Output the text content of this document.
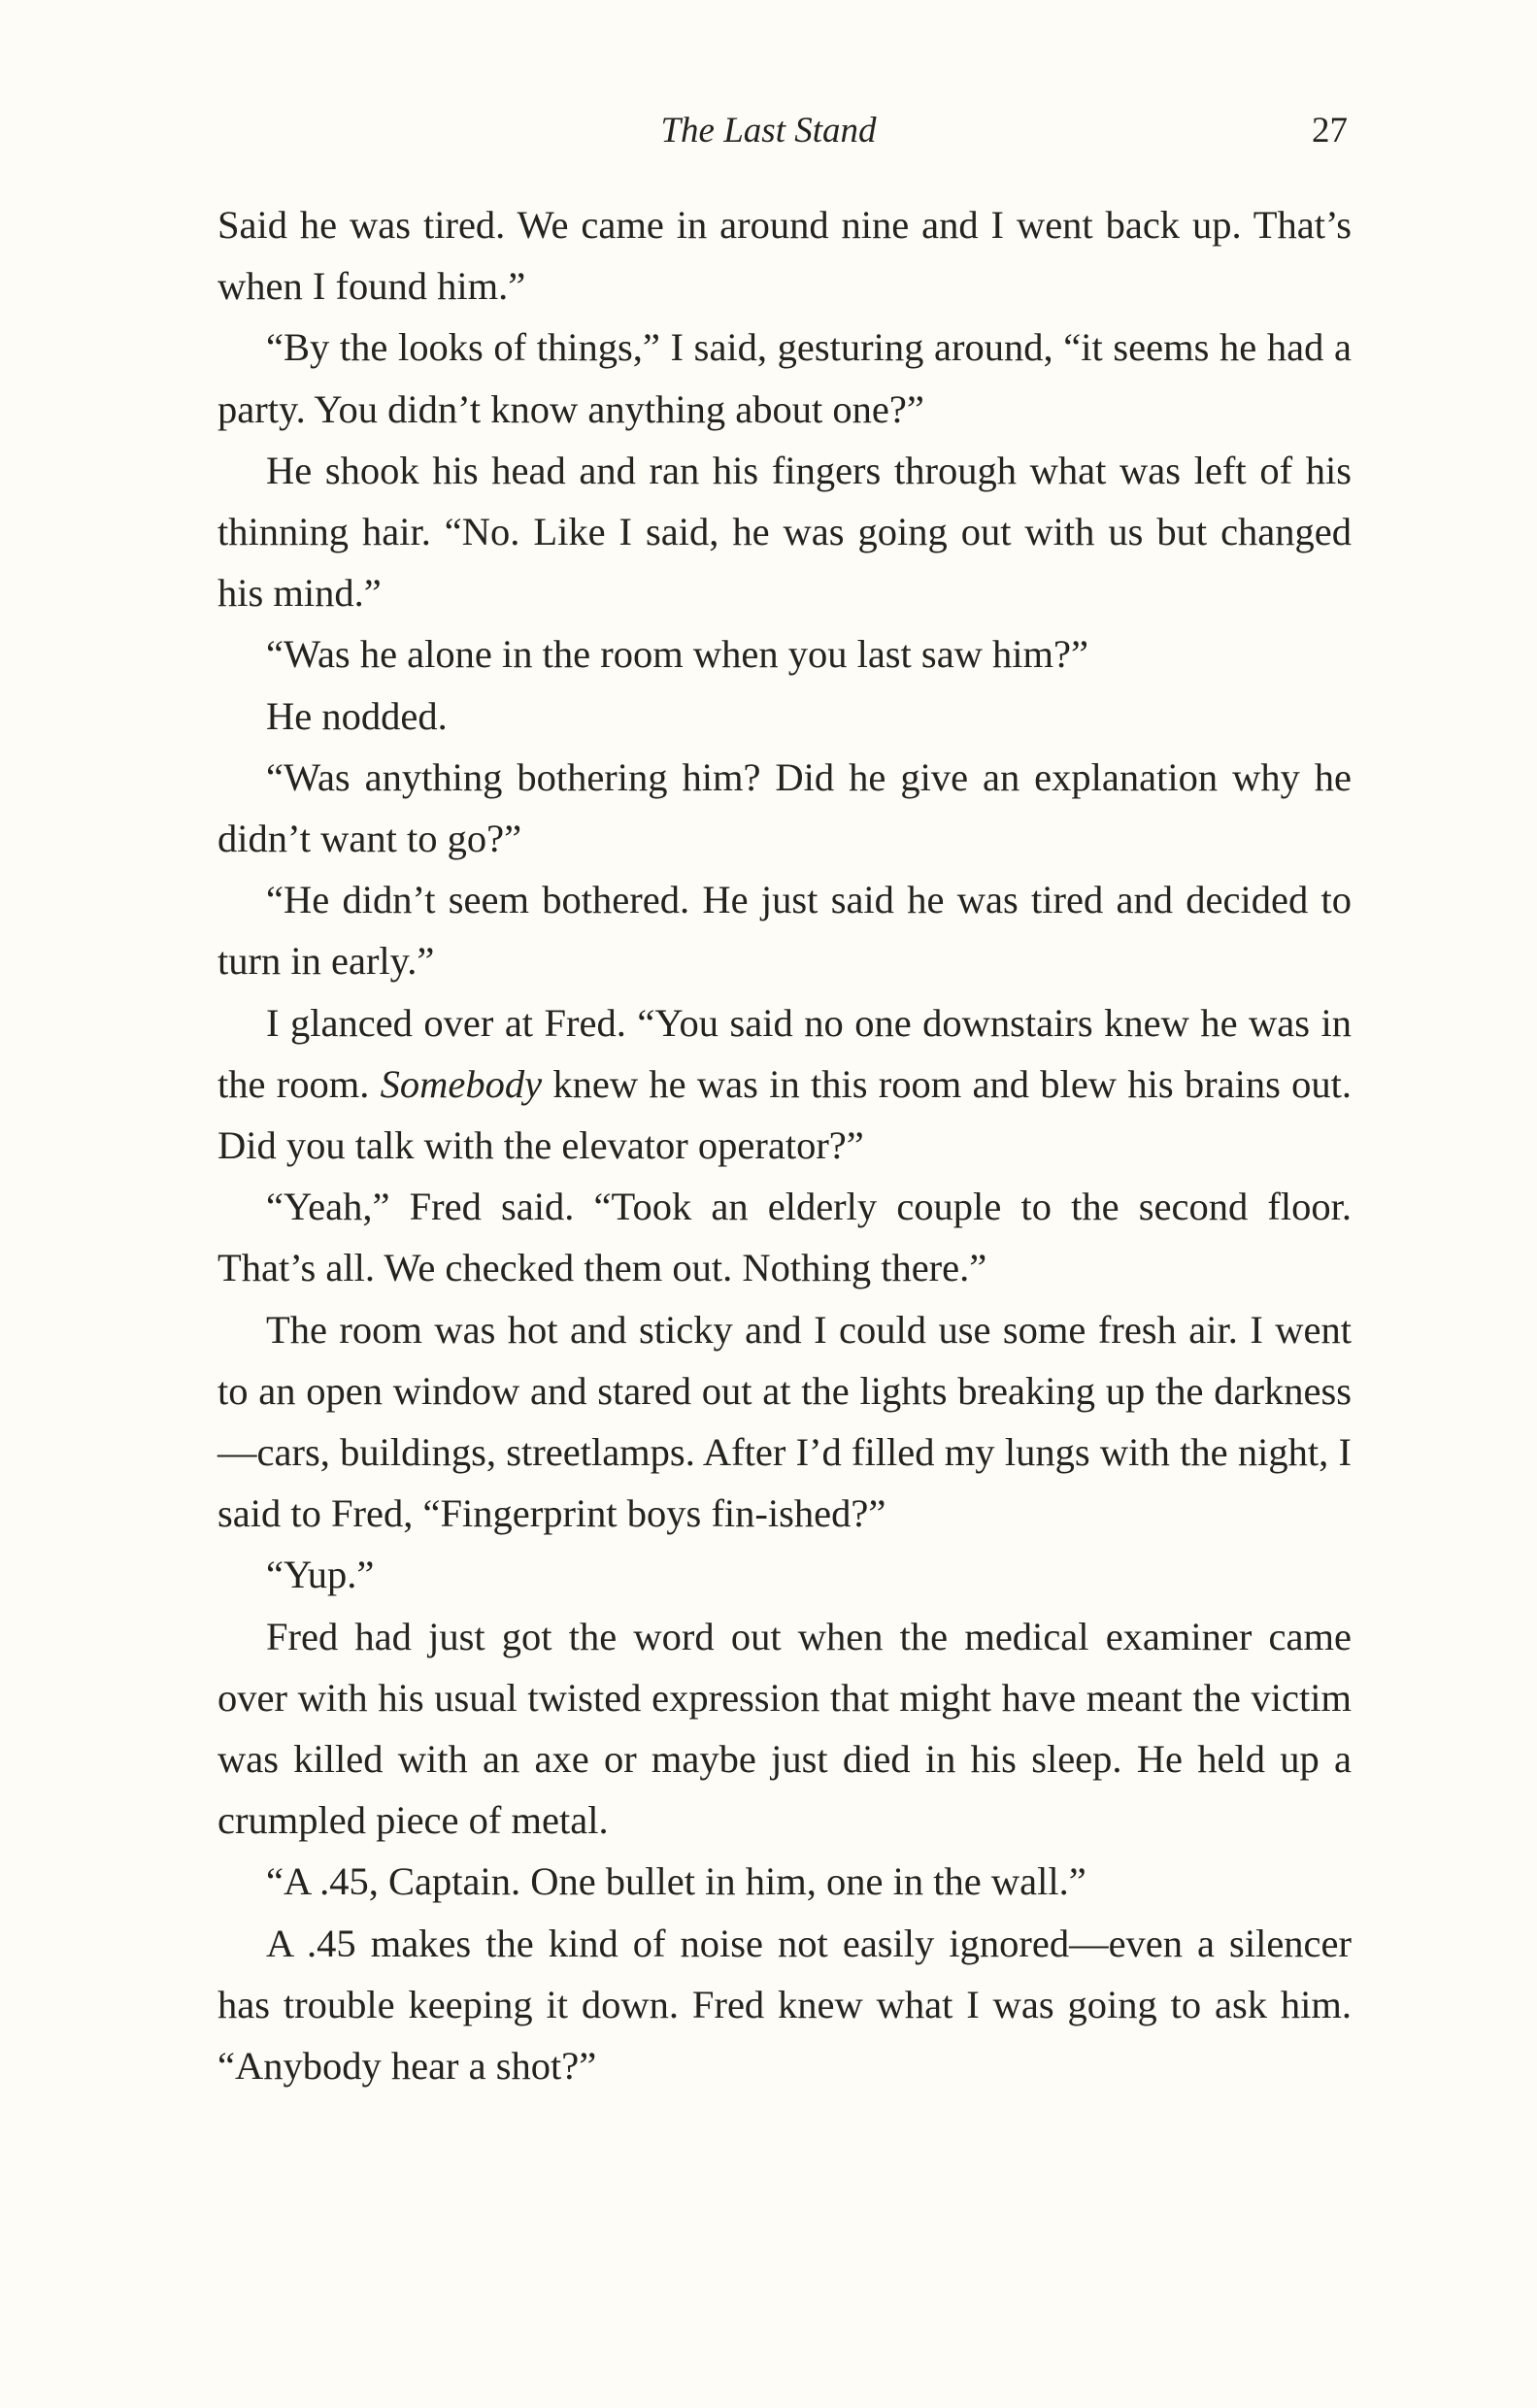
The Last Stand	27

Said he was tired. We came in around nine and I went back up. That’s when I found him.”

“By the looks of things,” I said, gesturing around, “it seems he had a party. You didn’t know anything about one?”

He shook his head and ran his fingers through what was left of his thinning hair. “No. Like I said, he was going out with us but changed his mind.”

“Was he alone in the room when you last saw him?”

He nodded.

“Was anything bothering him? Did he give an explanation why he didn’t want to go?”

“He didn’t seem bothered. He just said he was tired and decided to turn in early.”

I glanced over at Fred. “You said no one downstairs knew he was in the room. Somebody knew he was in this room and blew his brains out. Did you talk with the elevator operator?”

“Yeah,” Fred said. “Took an elderly couple to the second floor. That’s all. We checked them out. Nothing there.”

The room was hot and sticky and I could use some fresh air. I went to an open window and stared out at the lights breaking up the darkness—cars, buildings, streetlamps. After I’d filled my lungs with the night, I said to Fred, “Fingerprint boys fin-ished?”

“Yup.”

Fred had just got the word out when the medical examiner came over with his usual twisted expression that might have meant the victim was killed with an axe or maybe just died in his sleep. He held up a crumpled piece of metal.

“A .45, Captain. One bullet in him, one in the wall.”

A .45 makes the kind of noise not easily ignored—even a silencer has trouble keeping it down. Fred knew what I was going to ask him. “Anybody hear a shot?”
